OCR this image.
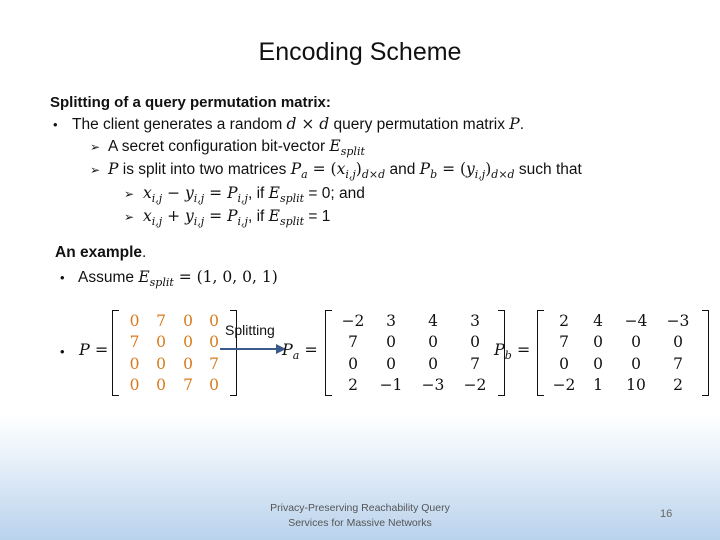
Encoding Scheme
Splitting of a query permutation matrix:
• The client generates a random d × d query permutation matrix P.
➢ A secret configuration bit-vector $E_{split}$
➢ P is split into two matrices $P_a = (x_{i,j})_{d\times d}$ and $P_b = (y_{i,j})_{d\times d}$ such that
➢ $x_{i,j} - y_{i,j} = P_{i,j}$, if $E_{split} = 0$; and
➢ $x_{i,j} + y_{i,j} = P_{i,j}$, if $E_{split} = 1$
An example.
• Assume $E_{split} = (1$, 0, 0, 1)
• P =
0	7	0	0
7	0	0	0
0	0	0	7
0	0	7	0
Splitting
$P_a$ =
−2	3	4	3
7	0	0	0
0	0	0	7
2	−1	−3	−2
$P_b$ =
2	4	−4	−3
7	0	0	0
0	0	0	7
−2	1	10	2
Privacy-Preserving Reachability Query
Services for Massive Networks
16
